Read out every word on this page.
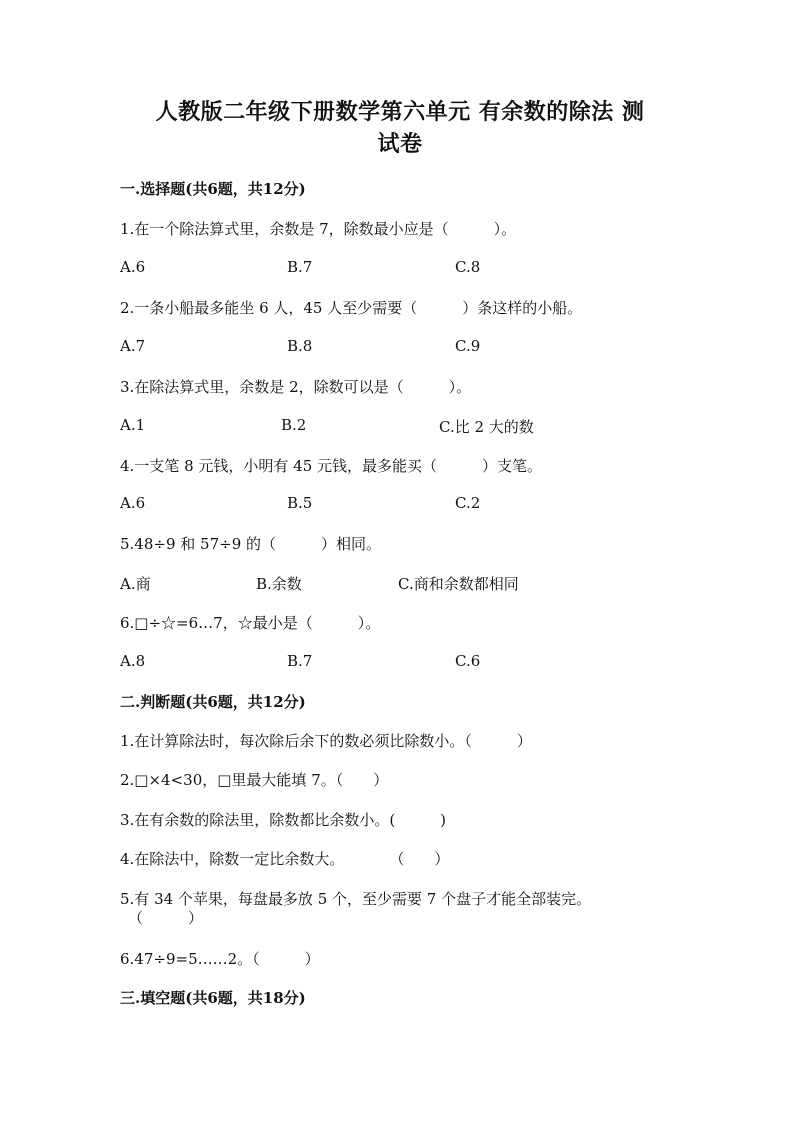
人教版二年级下册数学第六单元 有余数的除法 测
试卷
一.选择题(共6题，共12分)
1.在一个除法算式里，余数是 7，除数最小应是（　　　）。
A.6	B.7	C.8
2.一条小船最多能坐 6 人，45 人至少需要（　　　）条这样的小船。
A.7	B.8	C.9
3.在除法算式里，余数是 2，除数可以是（　　　）。
A.1	B.2	C.比 2 大的数
4.一支笔 8 元钱，小明有 45 元钱，最多能买（　　　）支笔。
A.6	B.5	C.2
5.48÷9 和 57÷9 的（　　　）相同。
A.商	B.余数	C.商和余数都相同
6.□÷☆=6…7，☆最小是（　　　）。
A.8	B.7	C.6
二.判断题(共6题，共12分)
1.在计算除法时，每次除后余下的数必须比除数小。（　　　）
2.□×4<30，□里最大能填 7。（　　）
3.在有余数的除法里，除数都比余数小。(　　　)
4.在除法中，除数一定比余数大。　　　　（　　）
5.有 34 个苹果，每盘最多放 5 个，至少需要 7 个盘子才能全部装完。
（　　　）
6.47÷9=5……2。（　　　）
三.填空题(共6题，共18分)
